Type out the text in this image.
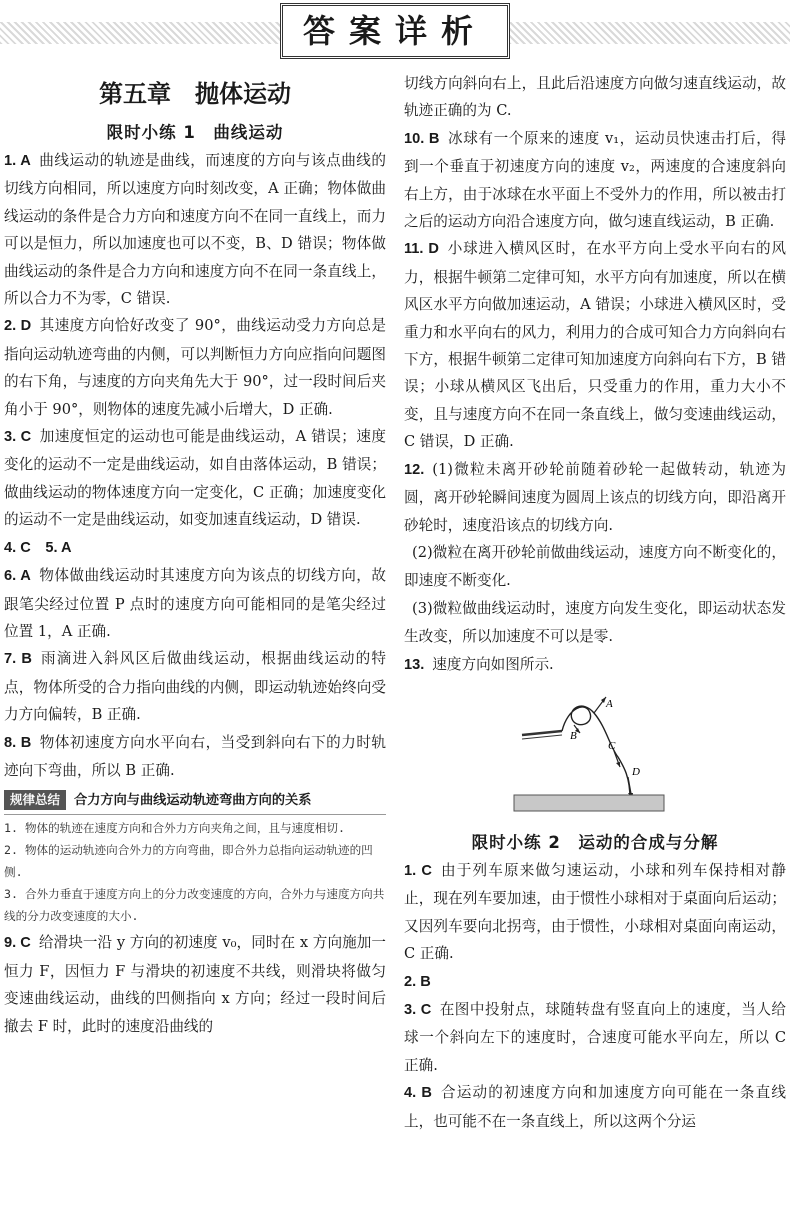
答案详析
第五章　抛体运动
限时小练 1　曲线运动

1. A 曲线运动的轨迹是曲线，而速度的方向与该点曲线的切线方向相同，所以速度方向时刻改变，A 正确；物体做曲线运动的条件是合力方向和速度方向不在同一直线上，而力可以是恒力，所以加速度也可以不变，B、D 错误；物体做曲线运动的条件是合力方向和速度方向不在同一条直线上，所以合力不为零，C 错误.

2. D 其速度方向恰好改变了 90°，曲线运动受力方向总是指向运动轨迹弯曲的内侧，可以判断恒力方向应指向问题图的右下角，与速度的方向夹角先大于 90°，过一段时间后夹角小于 90°，则物体的速度先减小后增大，D 正确.

3. C 加速度恒定的运动也可能是曲线运动，A 错误；速度变化的运动不一定是曲线运动，如自由落体运动，B 错误；做曲线运动的物体速度方向一定变化，C 正确；加速度变化的运动不一定是曲线运动，如变加速直线运动，D 错误.

4. C　5. A

6. A 物体做曲线运动时其速度方向为该点的切线方向，故跟笔尖经过位置 P 点时的速度方向可能相同的是笔尖经过位置 1，A 正确.

7. B 雨滴进入斜风区后做曲线运动，根据曲线运动的特点，物体所受的合力指向曲线的内侧，即运动轨迹始终向受力方向偏转，B 正确.

8. B 物体初速度方向水平向右，当受到斜向右下的力时轨迹向下弯曲，所以 B 正确.

规律总结 合力方向与曲线运动轨迹弯曲方向的关系
1. 物体的轨迹在速度方向和合外力方向夹角之间，且与速度相切.
2. 物体的运动轨迹向合外力的方向弯曲，即合外力总指向运动轨迹的凹侧.
3. 合外力垂直于速度方向上的分力改变速度的方向，合外力与速度方向共线的分力改变速度的大小.

9. C 给滑块一沿 y 方向的初速度 v₀，同时在 x 方向施加一恒力 F，因恒力 F 与滑块的初速度不共线，则滑块将做匀变速曲线运动，曲线的凹侧指向 x 方向；经过一段时间后撤去 F 时，此时的速度沿曲线的

切线方向斜向右上，且此后沿速度方向做匀速直线运动，故轨迹正确的为 C.

10. B 冰球有一个原来的速度 v₁，运动员快速击打后，得到一个垂直于初速度方向的速度 v₂，两速度的合速度斜向右上方，由于冰球在水平面上不受外力的作用，所以被击打之后的运动方向沿合速度方向，做匀速直线运动，B 正确.

11. D 小球进入横风区时，在水平方向上受水平向右的风力，根据牛顿第二定律可知，水平方向有加速度，所以在横风区水平方向做加速运动，A 错误；小球进入横风区时，受重力和水平向右的风力，利用力的合成可知合力方向斜向右下方，根据牛顿第二定律可知加速度方向斜向右下方，B 错误；小球从横风区飞出后，只受重力的作用，重力大小不变，且与速度方向不在同一条直线上，做匀变速曲线运动，C 错误，D 正确.

12. (1)微粒未离开砂轮前随着砂轮一起做转动，轨迹为圆，离开砂轮瞬间速度为圆周上该点的切线方向，即沿离开砂轮时，速度沿该点的切线方向.

(2)微粒在离开砂轮前做曲线运动，速度方向不断变化的，即速度不断变化.

(3)微粒做曲线运动时，速度方向发生变化，即运动状态发生改变，所以加速度不可以是零.

13. 速度方向如图所示.

A
B
C
D
限时小练 2　运动的合成与分解

1. C 由于列车原来做匀速运动，小球和列车保持相对静止，现在列车要加速，由于惯性小球相对于桌面向后运动；又因列车要向北拐弯，由于惯性，小球相对桌面向南运动，C 正确.

2. B

3. C 在图中投射点，球随转盘有竖直向上的速度，当人给球一个斜向左下的速度时，合速度可能水平向左，所以 C 正确.

4. B 合运动的初速度方向和加速度方向可能在一条直线上，也可能不在一条直线上，所以这两个分运
